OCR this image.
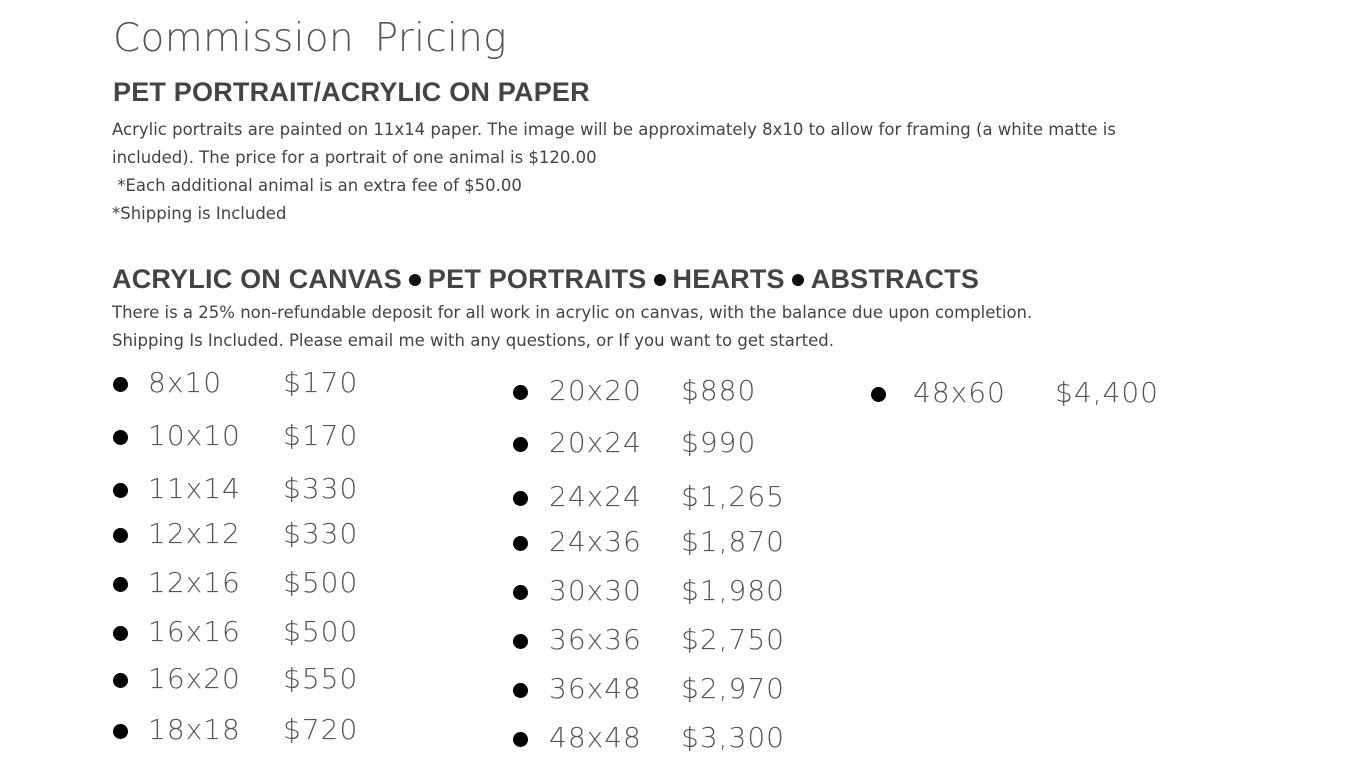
Commission Pricing
PET PORTRAIT/ACRYLIC ON PAPER
Acrylic portraits are painted on 11x14 paper. The image will be approximately 8x10 to allow for framing (a white matte is
included). The price for a portrait of one animal is $120.00
*Each additional animal is an extra fee of $50.00
*Shipping is Included
ACRYLIC ON CANVAS PET PORTRAITS HEARTS ABSTRACTS
There is a 25% non-refundable deposit for all work in acrylic on canvas, with the balance due upon completion.
Shipping Is Included. Please email me with any questions, or If you want to get started.
8x10 $170
10x10 $170
11x14 $330
12x12 $330
12x16 $500
16x16 $500
16x20 $550
18x18 $720
20x20 $880
20x24 $990
24x24 $1,265
24x36 $1,870
30x30 $1,980
36x36 $2,750
36x48 $2,970
48x48 $3,300
48x60 $4,400
